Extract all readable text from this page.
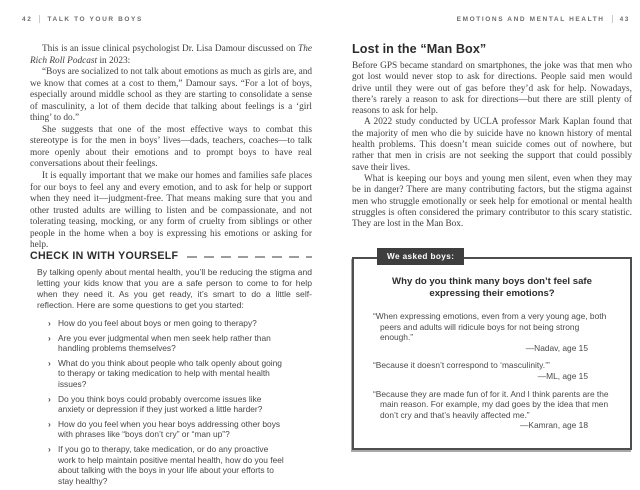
42 TALK TO YOUR BOYS

This is an issue clinical psychologist Dr. Lisa Damour discussed on The Rich Roll Podcast in 2023:

“Boys are socialized to not talk about emotions as much as girls are, and we know that comes at a cost to them,” Damour says. “For a lot of boys, especially around middle school as they are starting to consolidate a sense of masculinity, a lot of them decide that talking about feelings is a ‘girl thing’ to do.”

She suggests that one of the most effective ways to combat this stereotype is for the men in boys’ lives—dads, teachers, coaches—to talk more openly about their emotions and to prompt boys to have real conversations about their feelings.

It is equally important that we make our homes and families safe places for our boys to feel any and every emotion, and to ask for help or support when they need it—judgment-free. That means making sure that you and other trusted adults are willing to listen and be compassionate, and not tolerating teasing, mocking, or any form of cruelty from siblings or other people in the home when a boy is expressing his emotions or asking for help.

CHECK IN WITH YOURSELF

By talking openly about mental health, you’ll be reducing the stigma and letting your kids know that you are a safe person to come to for help when they need it. As you get ready, it’s smart to do a little self-reflection. Here are some questions to get you started:

› How do you feel about boys or men going to therapy?
› Are you ever judgmental when men seek help rather than handling problems themselves?
› What do you think about people who talk openly about going to therapy or taking medication to help with mental health issues?
› Do you think boys could probably overcome issues like anxiety or depression if they just worked a little harder?
› How do you feel when you hear boys addressing other boys with phrases like “boys don’t cry” or “man up”?
› If you go to therapy, take medication, or do any proactive work to help maintain positive mental health, how do you feel about talking with the boys in your life about your efforts to stay healthy?
EMOTIONS AND MENTAL HEALTH 43
Lost in the “Man Box”

Before GPS became standard on smartphones, the joke was that men who got lost would never stop to ask for directions. People said men would drive until they were out of gas before they’d ask for help. Nowadays, there’s rarely a reason to ask for directions—but there are still plenty of reasons to ask for help.

A 2022 study conducted by UCLA professor Mark Kaplan found that the majority of men who die by suicide have no known history of mental health problems. This doesn’t mean suicide comes out of nowhere, but rather that men in crisis are not seeking the support that could possibly save their lives.

What is keeping our boys and young men silent, even when they may be in danger? There are many contributing factors, but the stigma against men who struggle emotionally or seek help for emotional or mental health struggles is often considered the primary contributor to this scary statistic. They are lost in the Man Box.

We asked boys:
Why do you think many boys don’t feel safe expressing their emotions?
“When expressing emotions, even from a very young age, both peers and adults will ridicule boys for not being strong enough.”
—Nadav, age 15
“Because it doesn’t correspond to ‘masculinity.’”
—ML, age 15
“Because they are made fun of for it. And I think parents are the main reason. For example, my dad goes by the idea that men don’t cry and that’s heavily affected me.”
—Kamran, age 18
